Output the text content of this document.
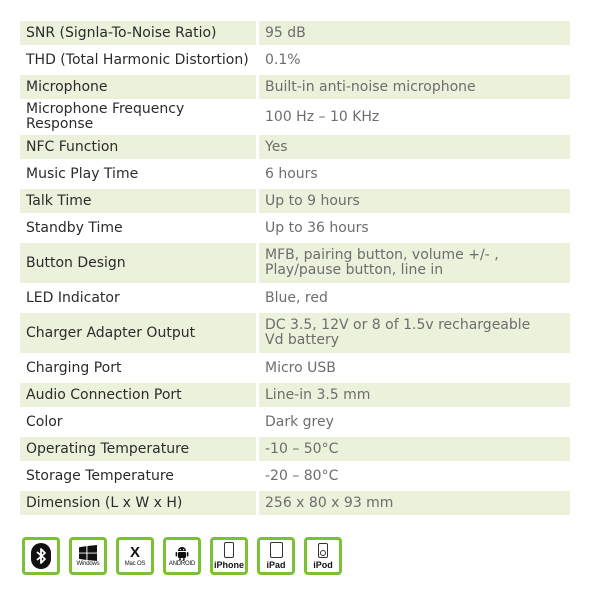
SNR (Signla-To-Noise Ratio)	95 dB
THD (Total Harmonic Distortion)	0.1%
Microphone	Built-in anti-noise microphone
Microphone Frequency Response	100 Hz – 10 KHz
NFC Function	Yes
Music Play Time	6 hours
Talk Time	Up to 9 hours
Standby Time	Up to 36 hours
Button Design	MFB, pairing button, volume +/- ,
Play/pause button, line in

LED Indicator	Blue, red
Charger Adapter Output	DC 3.5, 12V or 8 of 1.5v rechargeable
Vd battery

Charging Port	Micro USB
Audio Connection Port	Line-in 3.5 mm
Color	Dark grey
Operating Temperature	-10 – 50°C
Storage Temperature	-20 – 80°C
Dimension (L x W x H)	256 x 80 x 93 mm
Windows
X
Mac OS	ANDROID iPhone iPad	iPod
